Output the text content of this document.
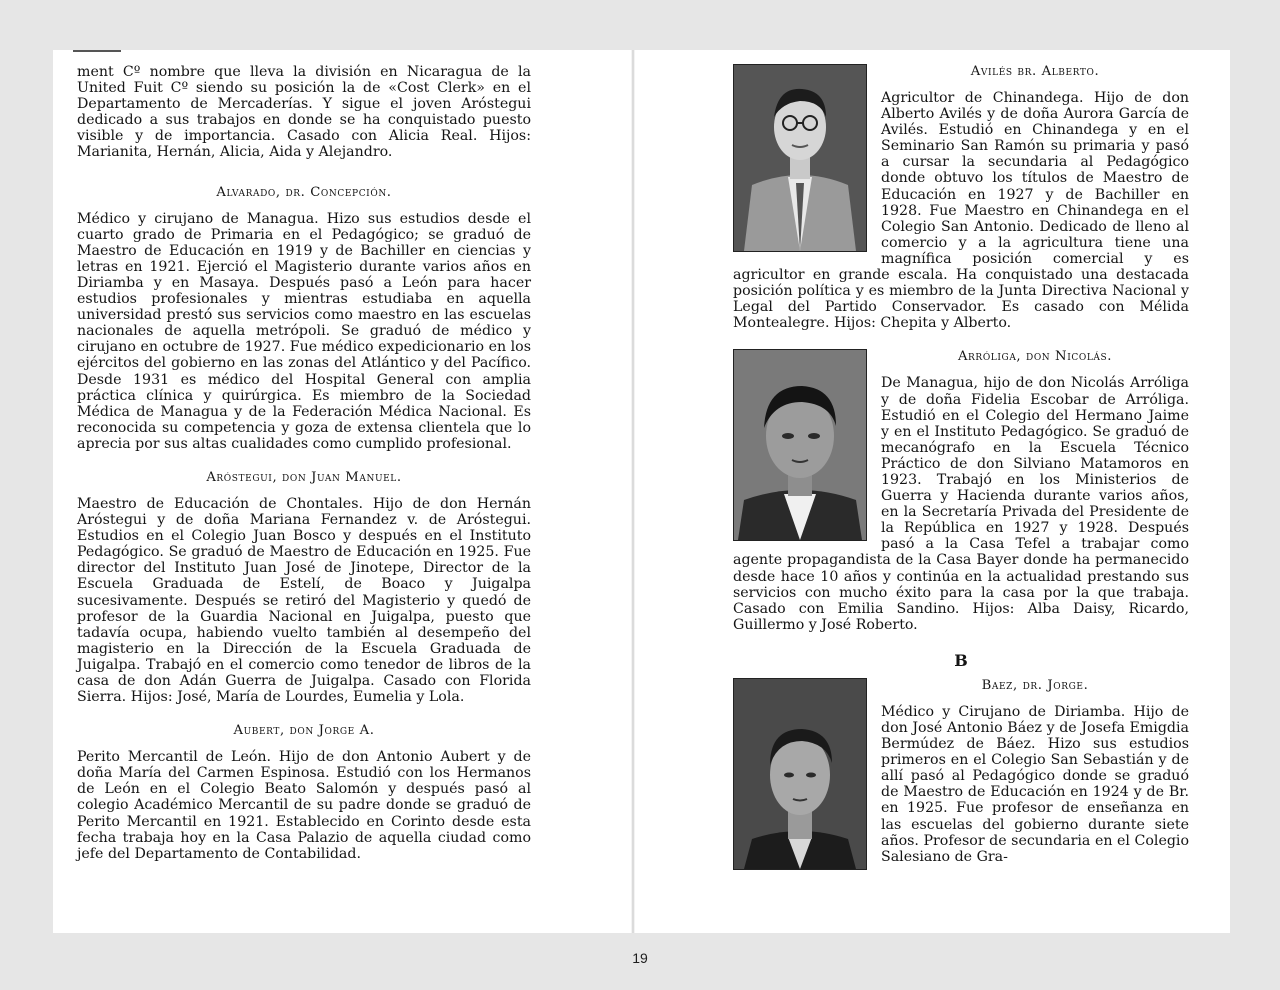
ment Cº nombre que lleva la división en Nicaragua de la United Fuit Cº siendo su posición la de «Cost Clerk» en el Departamento de Mercaderías. Y sigue el joven Aróstegui dedicado a sus trabajos en donde se ha conquistado puesto visible y de importancia. Casado con Alicia Real. Hijos: Marianita, Hernán, Alicia, Aida y Alejandro.

Alvarado, dr. Concepción.

Médico y cirujano de Managua. Hizo sus estudios desde el cuarto grado de Primaria en el Pedagógico; se graduó de Maestro de Educación en 1919 y de Bachiller en ciencias y letras en 1921. Ejerció el Magisterio durante varios años en Diriamba y en Masaya. Después pasó a León para hacer estudios profesionales y mientras estudiaba en aquella universidad prestó sus servicios como maestro en las escuelas nacionales de aquella metrópoli. Se graduó de médico y cirujano en octubre de 1927. Fue médico expedicionario en los ejércitos del gobierno en las zonas del Atlántico y del Pacífico. Desde 1931 es médico del Hospital General con amplia práctica clínica y quirúrgica. Es miembro de la Sociedad Médica de Managua y de la Federación Médica Nacional. Es reconocida su competencia y goza de extensa clientela que lo aprecia por sus altas cualidades como cumplido profesional.

Aróstegui, don Juan Manuel.

Maestro de Educación de Chontales. Hijo de don Hernán Aróstegui y de doña Mariana Fernandez v. de Aróstegui. Estudios en el Colegio Juan Bosco y después en el Instituto Pedagógico. Se graduó de Maestro de Educación en 1925. Fue director del Instituto Juan José de Jinotepe, Director de la Escuela Graduada de Estelí, de Boaco y Juigalpa sucesivamente. Después se retiró del Magisterio y quedó de profesor de la Guardia Nacional en Juigalpa, puesto que tadavía ocupa, habiendo vuelto también al desempeño del magisterio en la Dirección de la Escuela Graduada de Juigalpa. Trabajó en el comercio como tenedor de libros de la casa de don Adán Guerra de Juigalpa. Casado con Florida Sierra. Hijos: José, María de Lourdes, Eumelia y Lola.

Aubert, don Jorge A.

Perito Mercantil de León. Hijo de don Antonio Aubert y de doña María del Carmen Espinosa. Estudió con los Hermanos de León en el Colegio Beato Salomón y después pasó al colegio Académico Mercantil de su padre donde se graduó de Perito Mercantil en 1921. Establecido en Corinto desde esta fecha trabaja hoy en la Casa Palazio de aquella ciudad como jefe del Departamento de Contabilidad.

Avilés br. Alberto.

Agricultor de Chinandega. Hijo de don Alberto Avilés y de doña Aurora García de Avilés. Estudió en Chinandega y en el Seminario San Ramón su primaria y pasó a cursar la secundaria al Pedagógico donde obtuvo los títulos de Maestro de Educación en 1927 y de Bachiller en 1928. Fue Maestro en Chinandega en el Colegio San Antonio. Dedicado de lleno al comercio y a la agricultura tiene una magnífica posición comercial y es agricultor en grande escala. Ha conquistado una destacada posición política y es miembro de la Junta Directiva Nacional y Legal del Partido Conservador. Es casado con Mélida Montealegre. Hijos: Chepita y Alberto.

Arróliga, don Nicolás.

De Managua, hijo de don Nicolás Arróliga y de doña Fidelia Escobar de Arróliga. Estudió en el Colegio del Hermano Jaime y en el Instituto Pedagógico. Se graduó de mecanógrafo en la Escuela Técnico Práctico de don Silviano Matamoros en 1923. Trabajó en los Ministerios de Guerra y Hacienda durante varios años, en la Secretaría Privada del Presidente de la República en 1927 y 1928. Después pasó a la Casa Tefel a trabajar como agente propagandista de la Casa Bayer donde ha permanecido desde hace 10 años y continúa en la actualidad prestando sus servicios con mucho éxito para la casa por la que trabaja. Casado con Emilia Sandino. Hijos: Alba Daisy, Ricardo, Guillermo y José Roberto.

B
Baez, dr. Jorge.

Médico y Cirujano de Diriamba. Hijo de don José Antonio Báez y de Josefa Emigdia Bermúdez de Báez. Hizo sus estudios primeros en el Colegio San Sebastián y de allí pasó al Pedagógico donde se graduó de Maestro de Educación en 1924 y de Br. en 1925. Fue profesor de enseñanza en las escuelas del gobierno durante siete años. Profesor de secundaria en el Colegio Salesiano de Gra-

19
